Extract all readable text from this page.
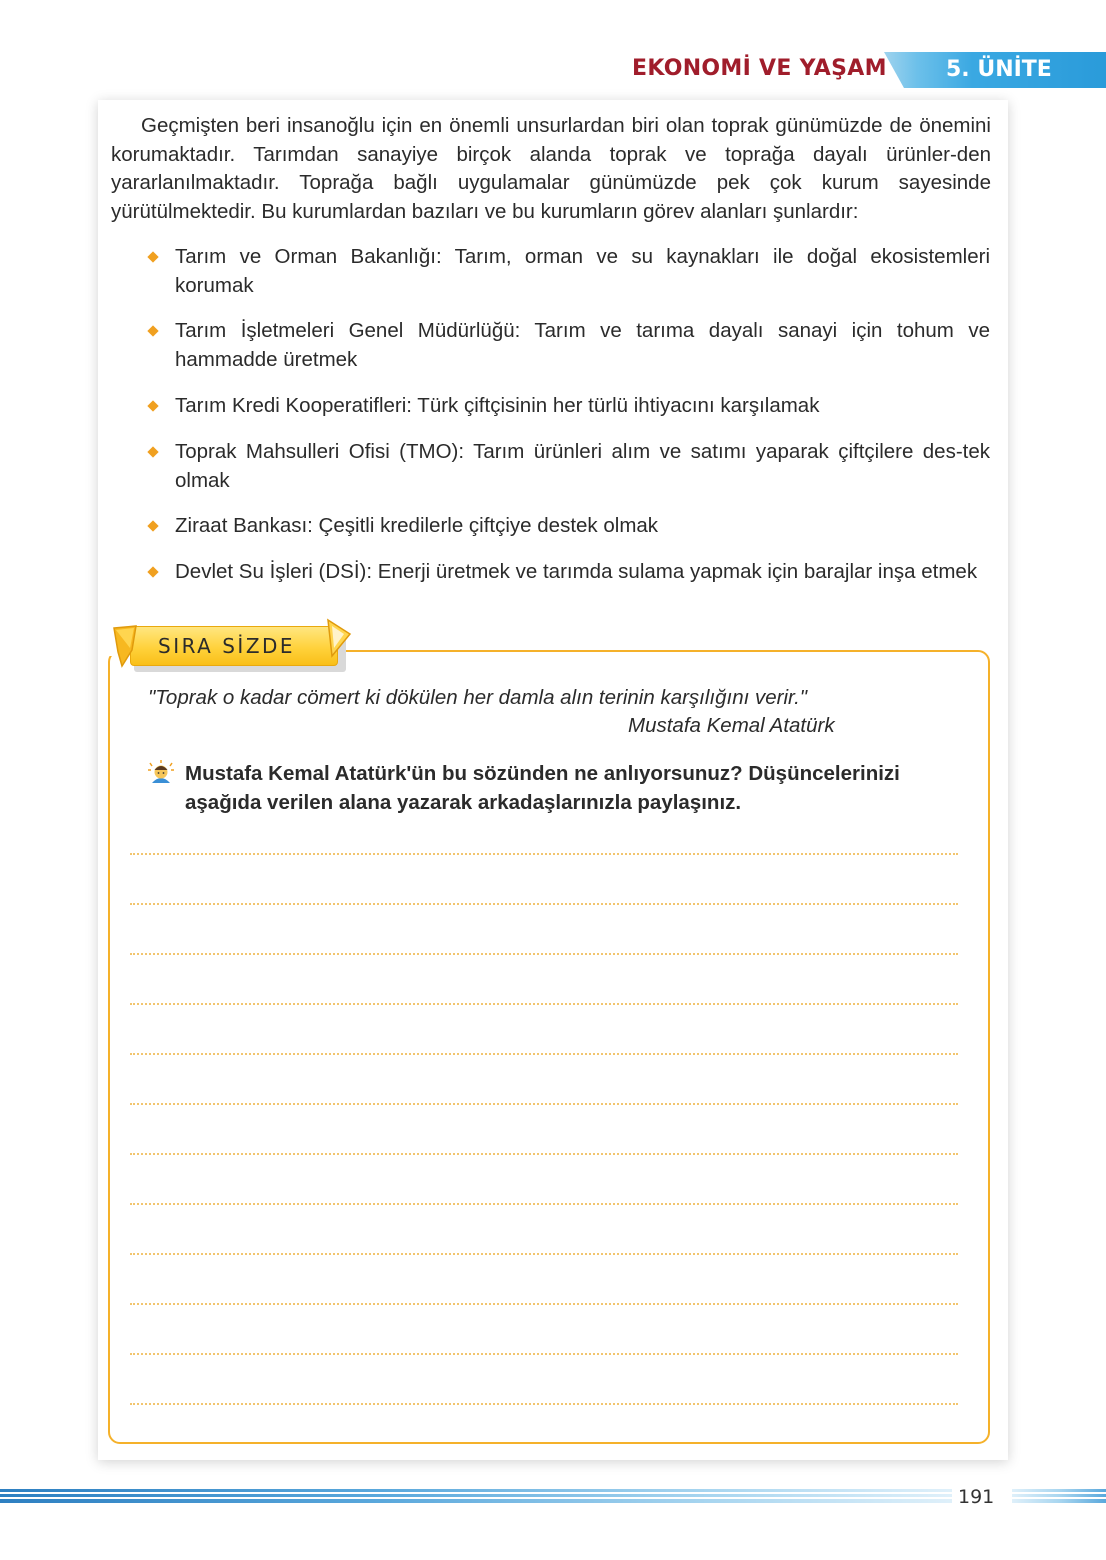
EKONOMİ VE YAŞAM	5. ÜNİTE

Geçmişten beri insanoğlu için en önemli unsurlardan biri olan toprak günümüzde de önemini korumaktadır. Tarımdan sanayiye birçok alanda toprak ve toprağa dayalı ürünler-den yararlanılmaktadır. Toprağa bağlı uygulamalar günümüzde pek çok kurum sayesinde yürütülmektedir. Bu kurumlardan bazıları ve bu kurumların görev alanları şunlardır:

Tarım ve Orman Bakanlığı: Tarım, orman ve su kaynakları ile doğal ekosistemleri korumak
Tarım İşletmeleri Genel Müdürlüğü: Tarım ve tarıma dayalı sanayi için tohum ve hammadde üretmek
Tarım Kredi Kooperatifleri: Türk çiftçisinin her türlü ihtiyacını karşılamak
Toprak Mahsulleri Ofisi (TMO): Tarım ürünleri alım ve satımı yaparak çiftçilere des-tek olmak
Ziraat Bankası: Çeşitli kredilerle çiftçiye destek olmak
Devlet Su İşleri (DSİ): Enerji üretmek ve tarımda sulama yapmak için barajlar inşa etmek
SIRA SİZDE
"Toprak o kadar cömert ki dökülen her damla alın terinin karşılığını verir."
Mustafa Kemal Atatürk
Mustafa Kemal Atatürk'ün bu sözünden ne anlıyorsunuz? Düşüncelerinizi aşağıda verilen alana yazarak arkadaşlarınızla paylaşınız.
191
